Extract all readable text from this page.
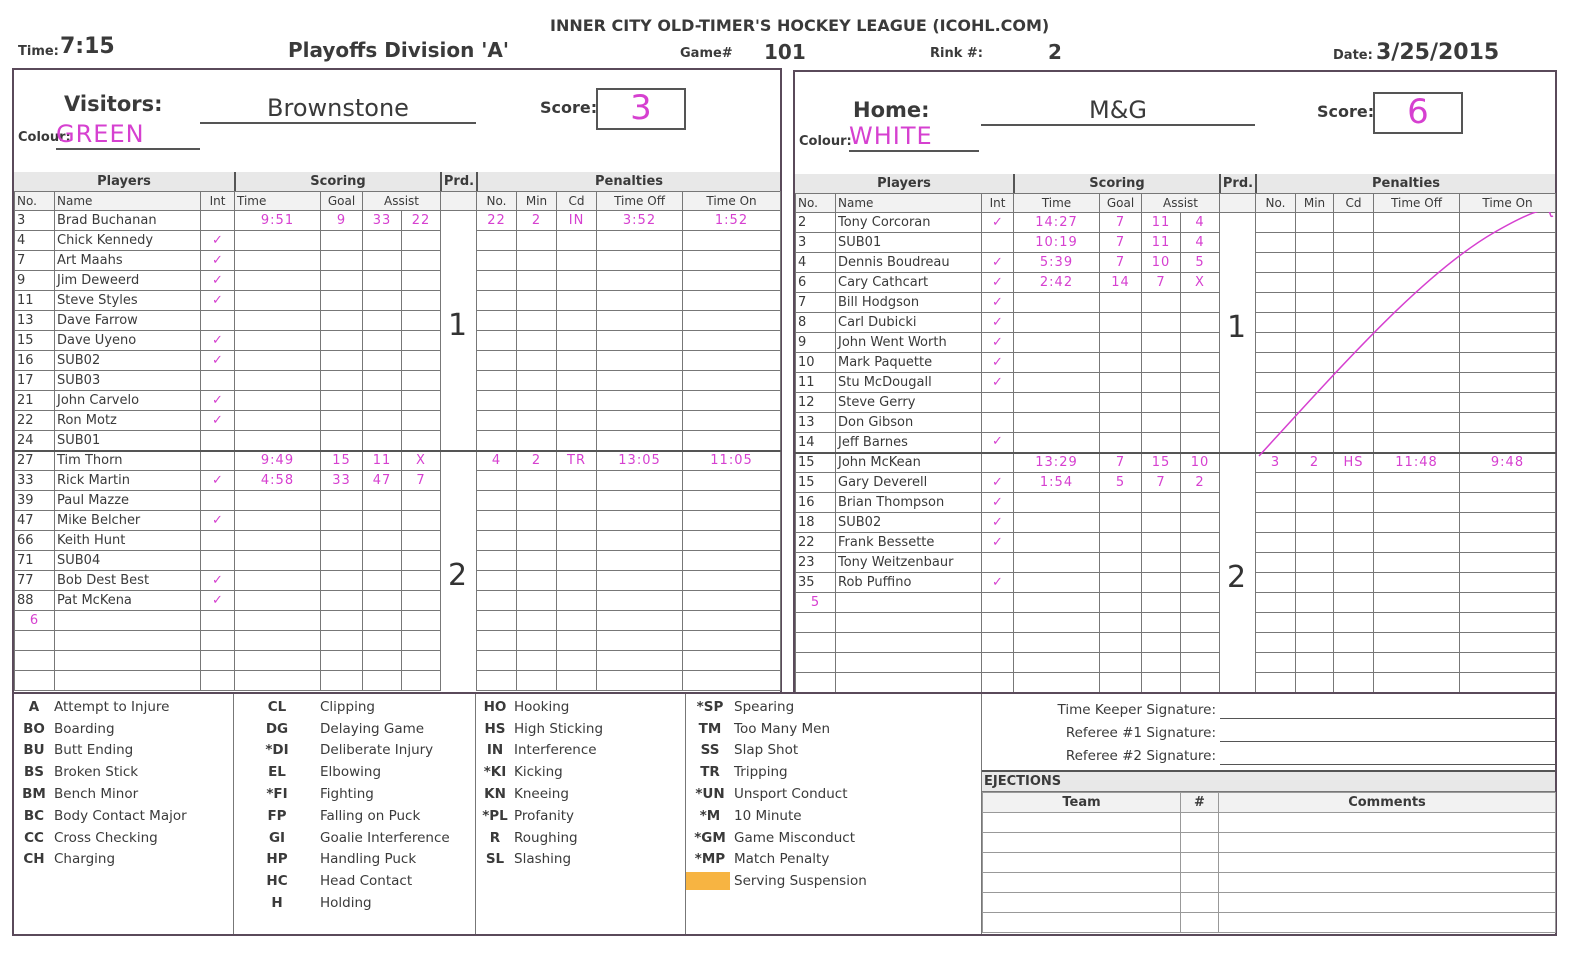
INNER CITY OLD-TIMER'S HOCKEY LEAGUE (ICOHL.COM)
Time: 7:15	Playoffs Division 'A'	Game# 101	Rink #:	2	Date: 3/25/2015
Visitors:	Brownstone	Score: 3
Colour:
GREEN
Players	Scoring	Prd.	Penalties
No.	Name	Int	Time	Goal	Assist			No.	Min	Cd	Time Off	Time On
3	Brad Buchanan		9:51	9	33	22		22	2	IN	3:52	1:52
4	Chick Kennedy	✓										
7	Art Maahs	✓										
9	Jim Deweerd	✓										
11	Steve Styles	✓										
13	Dave Farrow											
15	Dave Uyeno	✓										
16	SUB02	✓										
17	SUB03											
21	John Carvelo	✓										
22	Ron Motz	✓										
24	SUB01											
27	Tim Thorn		9:49	15	11	X		4	2	TR	13:05	11:05
33	Rick Martin	✓	4:58	33	47	7						
39	Paul Mazze											
47	Mike Belcher	✓										
66	Keith Hunt											
71	SUB04											
77	Bob Dest Best	✓										
88	Pat McKena	✓										
6												

1
2
Home:	M&G	Score: 6
Colour:
WHITE
Players	Scoring	Prd.	Penalties
No.	Name	Int	Time	Goal	Assist			No.	Min	Cd	Time Off	Time On
2	Tony Corcoran	✓	14:27	7	11	4						
3	SUB01		10:19	7	11	4						
4	Dennis Boudreau	✓	5:39	7	10	5						
6	Cary Cathcart	✓	2:42	14	7	X						
7	Bill Hodgson	✓										
8	Carl Dubicki	✓										
9	John Went Worth	✓										
10	Mark Paquette	✓										
11	Stu McDougall	✓										
12	Steve Gerry											
13	Don Gibson											
14	Jeff Barnes	✓										
15	John McKean		13:29	7	15	10		3	2	HS	11:48	9:48
15	Gary Deverell	✓	1:54	5	7	2						
16	Brian Thompson	✓										
18	SUB02	✓										
22	Frank Bessette	✓										
23	Tony Weitzenbaur											
35	Rob Puffino	✓										
5												

1
2
A	Attempt to Injure
BO Boarding
BU Butt Ending
BS Broken Stick
BM Bench Minor
BC Body Contact Major
CC Cross Checking
CH Charging
CL	Clipping
DG	Delaying Game
*DI	Deliberate Injury
EL	Elbowing
*FI	Fighting
FP	Falling on Puck
GI	Goalie Interference
HP	Handling Puck
HC	Head Contact
H	Holding
HO Hooking
HS High Sticking
IN Interference
*KI Kicking
KN Kneeing
*PL Profanity
R	Roughing
SL Slashing
*SP Spearing
TM Too Many Men
SS	Slap Shot
TR	Tripping
*UN Unsport Conduct
*M	10 Minute
*GM Game Misconduct
*MP Match Penalty
Serving Suspension
Time Keeper Signature:
Referee #1 Signature:
Referee #2 Signature:
EJECTIONS
Team	#	Comments
